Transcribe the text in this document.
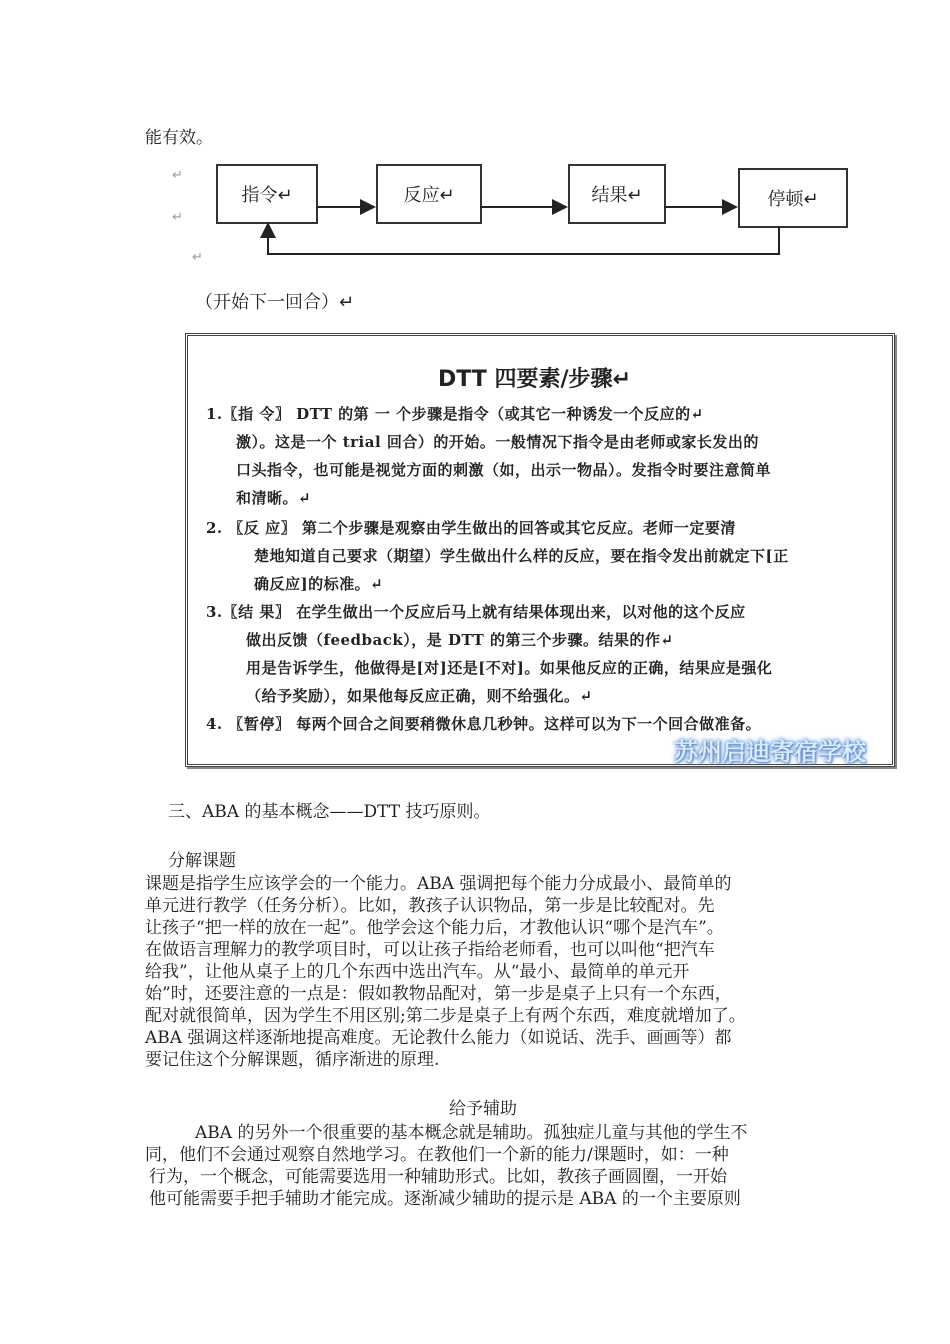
能有效。
↵
↵
↵
指令↵	反应↵	结果↵	停顿↵
（开始下一回合）↵
DTT 四要素/步骤↵
1.〖指 令〗 DTT 的第 一 个步骤是指令（或其它一种诱发一个反应的↵
激）。这是一个 trial 回合）的开始。一般情况下指令是由老师或家长发出的
口头指令，也可能是视觉方面的刺激（如，出示一物品）。发指令时要注意简单
和清晰。↵
2. 〖反 应〗 第二个步骤是观察由学生做出的回答或其它反应。老师一定要清
楚地知道自己要求（期望）学生做出什么样的反应，要在指令发出前就定下[正
确反应]的标准。↵
3.〖结 果〗 在学生做出一个反应后马上就有结果体现出来，以对他的这个反应
做出反馈（feedback），是 DTT 的第三个步骤。结果的作↵
用是告诉学生，他做得是[对]还是[不对]。如果他反应的正确，结果应是强化
（给予奖励），如果他每反应正确，则不给强化。↵
4. 〖暂停〗 每两个回合之间要稍微休息几秒钟。这样可以为下一个回合做准备。
苏州启迪寄宿学校
三、ABA 的基本概念——DTT 技巧原则。
分解课题
课题是指学生应该学会的一个能力。ABA 强调把每个能力分成最小、最简单的
单元进行教学（任务分析）。比如，教孩子认识物品，第一步是比较配对。先
让孩子“把一样的放在一起”。他学会这个能力后，才教他认识“哪个是汽车”。
在做语言理解力的教学项目时，可以让孩子指给老师看，也可以叫他“把汽车
给我”，让他从桌子上的几个东西中选出汽车。从“最小、最简单的单元开
始”时，还要注意的一点是：假如教物品配对，第一步是桌子上只有一个东西，
配对就很简单，因为学生不用区别;第二步是桌子上有两个东西，难度就增加了。
ABA 强调这样逐渐地提高难度。无论教什么能力（如说话、洗手、画画等）都
要记住这个分解课题，循序渐进的原理.
给予辅助
ABA 的另外一个很重要的基本概念就是辅助。孤独症儿童与其他的学生不
同，他们不会通过观察自然地学习。在教他们一个新的能力/课题时，如：一种
行为，一个概念，可能需要选用一种辅助形式。比如，教孩子画圆圈，一开始
他可能需要手把手辅助才能完成。逐渐减少辅助的提示是 ABA 的一个主要原则
